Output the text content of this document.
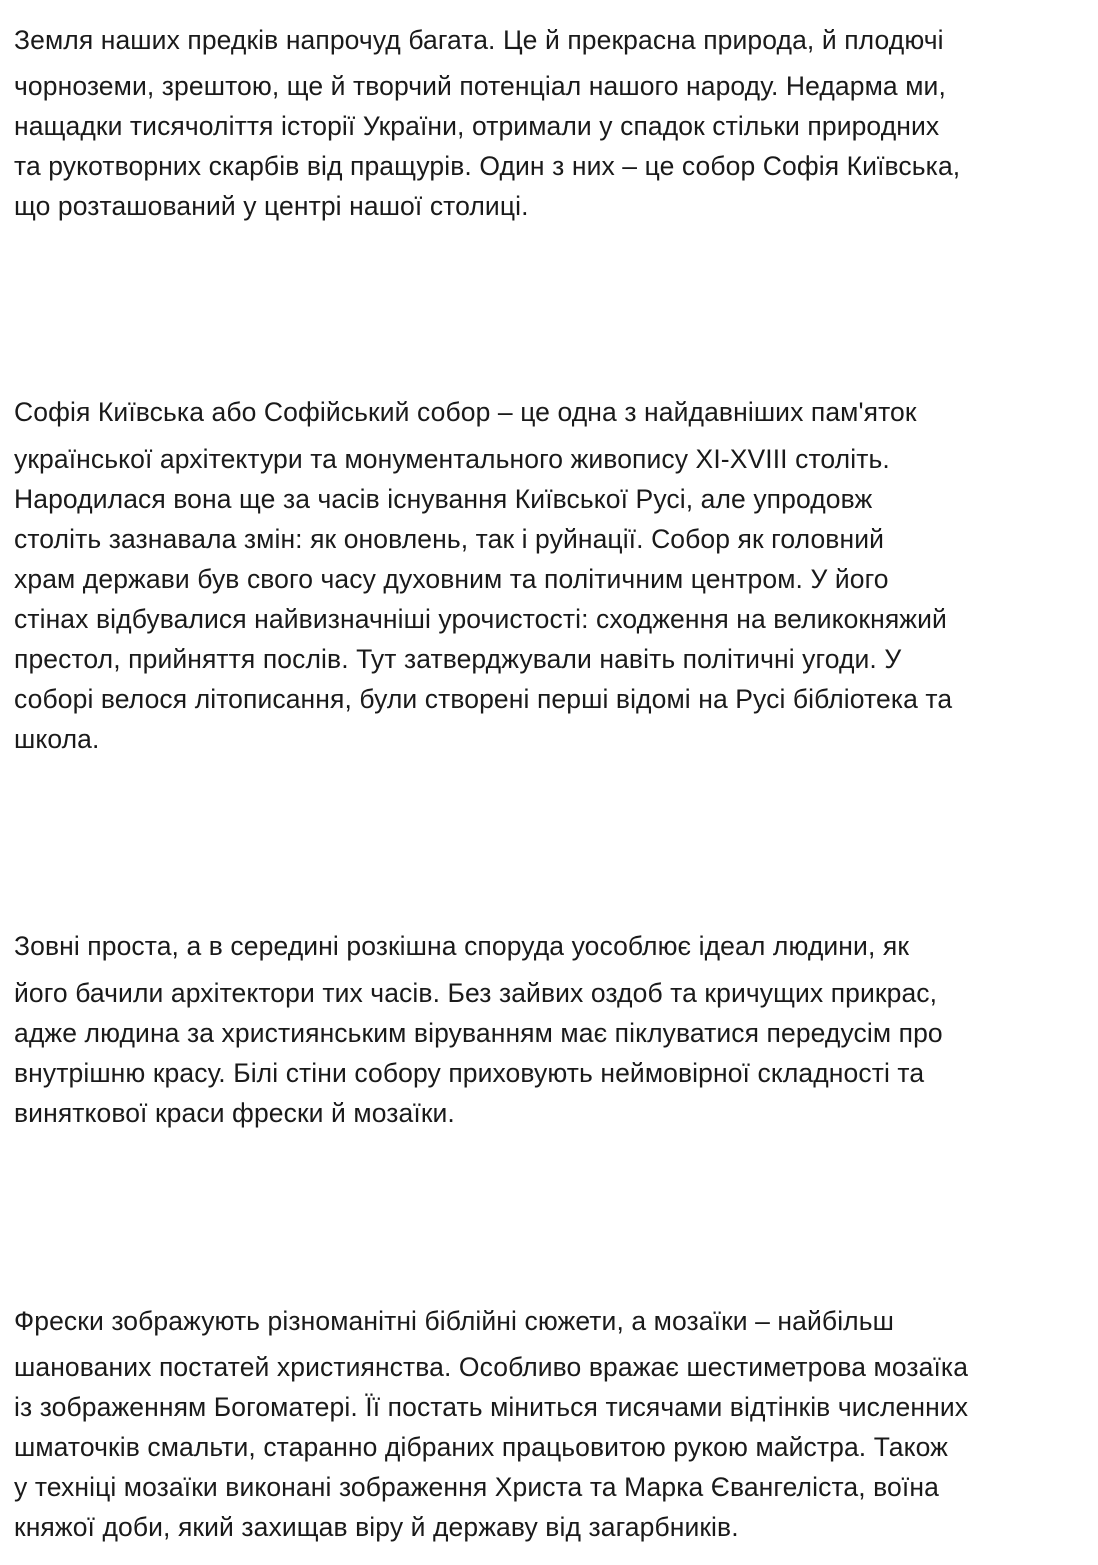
Земля наших предків напрочуд багата. Це й прекрасна природа, й плодючі
чорноземи, зрештою, ще й творчий потенціал нашого народу. Недарма ми,
нащадки тисячоліття історії України, отримали у спадок стільки природних
та рукотворних скарбів від пращурів. Один з них – це собор Софія Київська,
що розташований у центрі нашої столиці.
Софія Київська або Софійський собор – це одна з найдавніших пам'яток
української архітектури та монументального живопису XI-XVIII століть.
Народилася вона ще за часів існування Київської Русі, але упродовж
століть зазнавала змін: як оновлень, так і руйнації. Собор як головний
храм держави був свого часу духовним та політичним центром. У його
стінах відбувалися найвизначніші урочистості: сходження на великокняжий
престол, прийняття послів. Тут затверджували навіть політичні угоди. У
соборі велося літописання, були створені перші відомі на Русі бібліотека та
школа.
Зовні проста, а в середині розкішна споруда уособлює ідеал людини, як
його бачили архітектори тих часів. Без зайвих оздоб та кричущих прикрас,
адже людина за християнським віруванням має піклуватися передусім про
внутрішню красу. Білі стіни собору приховують неймовірної складності та
виняткової краси фрески й мозаїки.
Фрески зображують різноманітні біблійні сюжети, а мозаїки – найбільш
шанованих постатей християнства. Особливо вражає шестиметрова мозаїка
із зображенням Богоматері. Її постать міниться тисячами відтінків численних
шматочків смальти, старанно дібраних працьовитою рукою майстра. Також
у техніці мозаїки виконані зображення Христа та Марка Євангеліста, воїна
княжої доби, який захищав віру й державу від загарбників.
